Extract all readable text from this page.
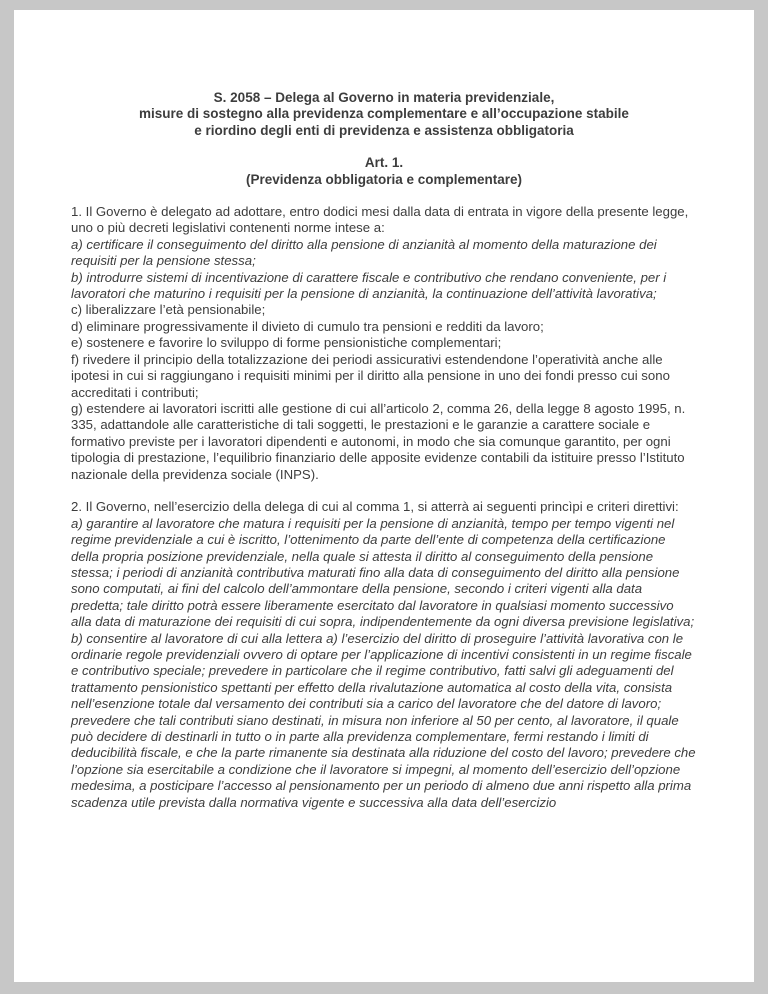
S. 2058 – Delega al Governo in materia previdenziale,
misure di sostegno alla previdenza complementare e all’occupazione stabile
e riordino degli enti di previdenza e assistenza obbligatoria
Art. 1.
(Previdenza obbligatoria e complementare)

1. Il Governo è delegato ad adottare, entro dodici mesi dalla data di entrata in vigore della presente legge, uno o più decreti legislativi contenenti norme intese a:

a) certificare il conseguimento del diritto alla pensione di anzianità al momento della maturazione dei requisiti per la pensione stessa;

b) introdurre sistemi di incentivazione di carattere fiscale e contributivo che rendano conveniente, per i lavoratori che maturino i requisiti per la pensione di anzianità, la continuazione dell’attività lavorativa;

c) liberalizzare l’età pensionabile;

d) eliminare progressivamente il divieto di cumulo tra pensioni e redditi da lavoro;

e) sostenere e favorire lo sviluppo di forme pensionistiche complementari;

f) rivedere il principio della totalizzazione dei periodi assicurativi estendendone l’operatività anche alle ipotesi in cui si raggiungano i requisiti minimi per il diritto alla pensione in uno dei fondi presso cui sono accreditati i contributi;

g) estendere ai lavoratori iscritti alle gestione di cui all’articolo 2, comma 26, della legge 8 agosto 1995, n. 335, adattandole alle caratteristiche di tali soggetti, le prestazioni e le garanzie a carattere sociale e formativo previste per i lavoratori dipendenti e autonomi, in modo che sia comunque garantito, per ogni tipologia di prestazione, l’equilibrio finanziario delle apposite evidenze contabili da istituire presso l’Istituto nazionale della previdenza sociale (INPS).

2. Il Governo, nell’esercizio della delega di cui al comma 1, si atterrà ai seguenti princìpi e criteri direttivi:

a) garantire al lavoratore che matura i requisiti per la pensione di anzianità, tempo per tempo vigenti nel regime previdenziale a cui è iscritto, l’ottenimento da parte dell’ente di competenza della certificazione della propria posizione previdenziale, nella quale si attesta il diritto al conseguimento della pensione stessa; i periodi di anzianità contributiva maturati fino alla data di conseguimento del diritto alla pensione sono computati, ai fini del calcolo dell’ammontare della pensione, secondo i criteri vigenti alla data predetta; tale diritto potrà essere liberamente esercitato dal lavoratore in qualsiasi momento successivo alla data di maturazione dei requisiti di cui sopra, indipendentemente da ogni diversa previsione legislativa;

b) consentire al lavoratore di cui alla lettera a) l’esercizio del diritto di proseguire l’attività lavorativa con le ordinarie regole previdenziali ovvero di optare per l’applicazione di incentivi consistenti in un regime fiscale e contributivo speciale; prevedere in particolare che il regime contributivo, fatti salvi gli adeguamenti del trattamento pensionistico spettanti per effetto della rivalutazione automatica al costo della vita, consista nell’esenzione totale dal versamento dei contributi sia a carico del lavoratore che del datore di lavoro; prevedere che tali contributi siano destinati, in misura non inferiore al 50 per cento, al lavoratore, il quale può decidere di destinarli in tutto o in parte alla previdenza complementare, fermi restando i limiti di deducibilità fiscale, e che la parte rimanente sia destinata alla riduzione del costo del lavoro; prevedere che l’opzione sia esercitabile a condizione che il lavoratore si impegni, al momento dell’esercizio dell’opzione medesima, a posticipare l’accesso al pensionamento per un periodo di almeno due anni rispetto alla prima scadenza utile prevista dalla normativa vigente e successiva alla data dell’esercizio
